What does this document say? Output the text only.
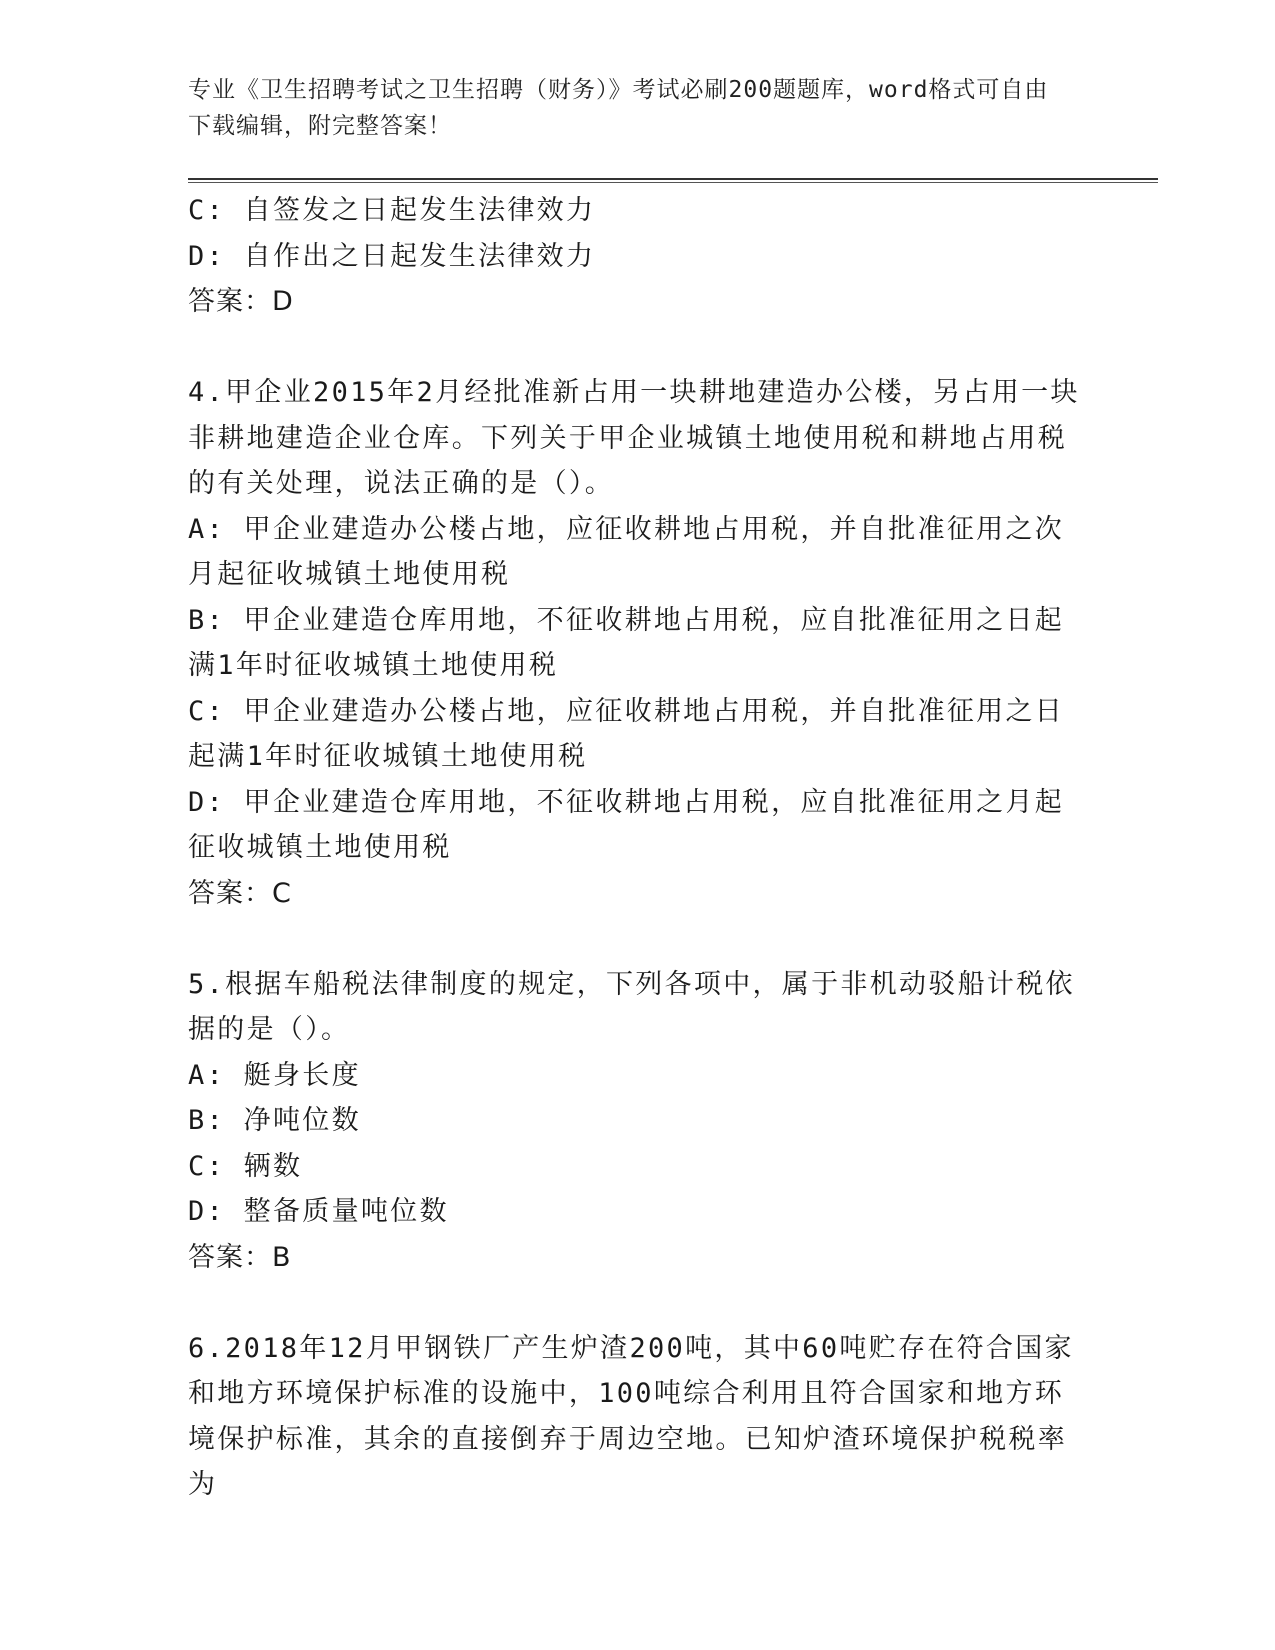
专业《卫生招聘考试之卫生招聘（财务）》考试必刷200题题库，word格式可自由下载编辑，附完整答案！

C: 自签发之日起发生法律效力

D: 自作出之日起发生法律效力

答案：D

4.甲企业2015年2月经批准新占用一块耕地建造办公楼，另占用一块非耕地建造企业仓库。下列关于甲企业城镇土地使用税和耕地占用税的有关处理，说法正确的是（）。

A: 甲企业建造办公楼占地，应征收耕地占用税，并自批准征用之次月起征收城镇土地使用税

B: 甲企业建造仓库用地，不征收耕地占用税，应自批准征用之日起满1年时征收城镇土地使用税

C: 甲企业建造办公楼占地，应征收耕地占用税，并自批准征用之日起满1年时征收城镇土地使用税

D: 甲企业建造仓库用地，不征收耕地占用税，应自批准征用之月起征收城镇土地使用税

答案：C

5.根据车船税法律制度的规定，下列各项中，属于非机动驳船计税依据的是（）。

A: 艇身长度

B: 净吨位数

C: 辆数

D: 整备质量吨位数

答案：B

6.2018年12月甲钢铁厂产生炉渣200吨，其中60吨贮存在符合国家和地方环境保护标准的设施中，100吨综合利用且符合国家和地方环境保护标准，其余的直接倒弃于周边空地。已知炉渣环境保护税税率为
